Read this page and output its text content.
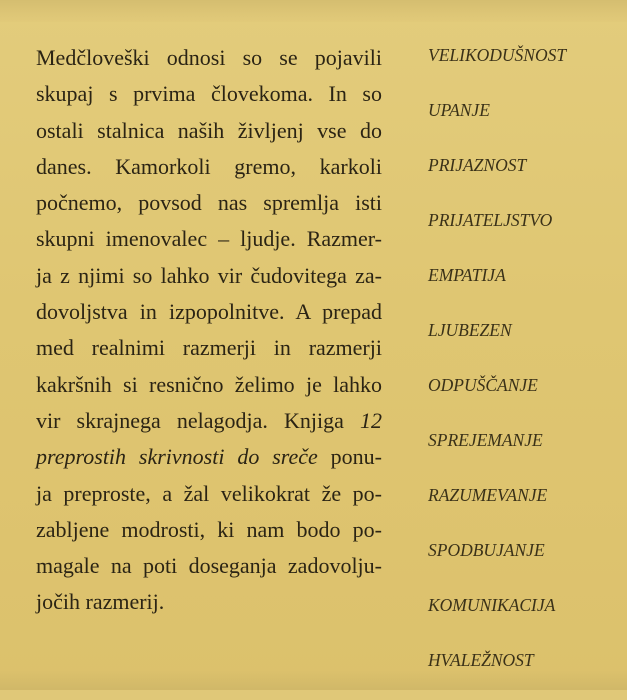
Medčloveški odnosi so se pojavili
skupaj s prvima človekoma. In so
ostali stalnica naših življenj vse do
danes. Kamorkoli gremo, karkoli
počnemo, povsod nas spremlja isti
skupni imenovalec – ljudje. Razmer-
ja z njimi so lahko vir čudovitega za-
dovoljstva in izpopolnitve. A prepad
med realnimi razmerji in razmerji
kakršnih si resnično želimo je lahko
vir skrajnega nelagodja. Knjiga 12
preprostih skrivnosti do sreče ponu-
ja preproste, a žal velikokrat že po-
zabljene modrosti, ki nam bodo po-
magale na poti doseganja zadovolju-
jočih razmerij.

VELIKODUŠNOST
UPANJE
PRIJAZNOST
PRIJATELJSTVO
EMPATIJA
LJUBEZEN
ODPUŠČANJE
SPREJEMANJE
RAZUMEVANJE
SPODBUJANJE
KOMUNIKACIJA
HVALEŽNOST
